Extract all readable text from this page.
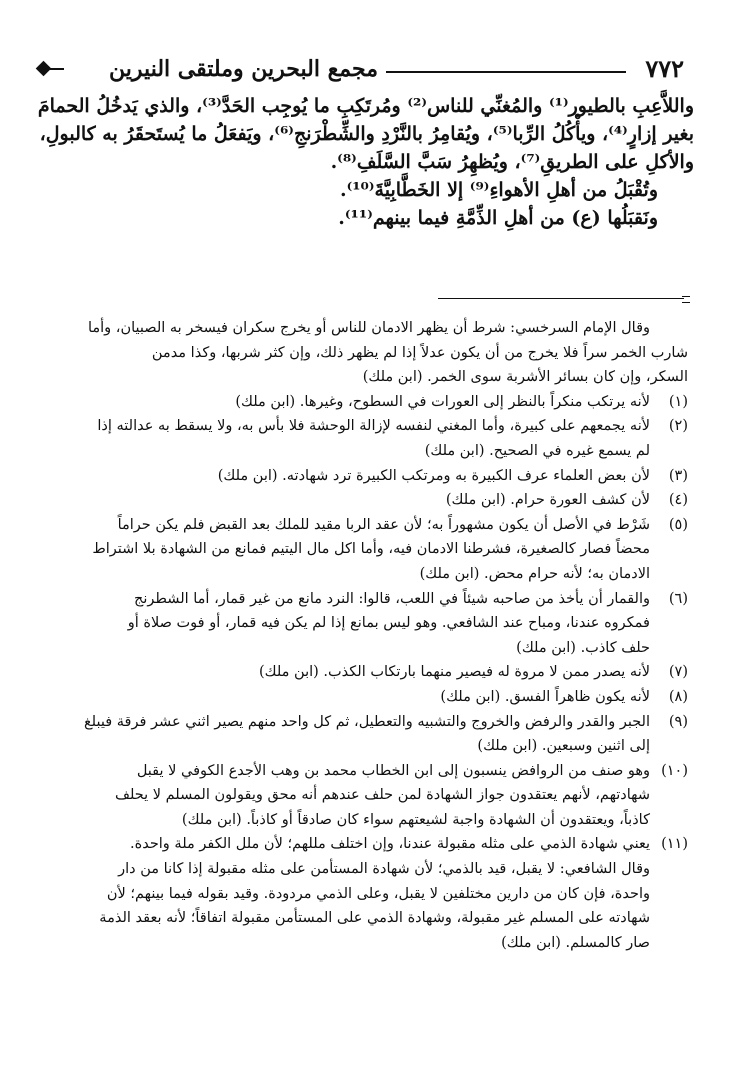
٧٧٢
مجمع البحرين وملتقى النيرين
واللاَّعِبِ بالطيور⁽¹⁾ والمُغنِّي للناس⁽²⁾ ومُرتَكِبِ ما يُوجِب الحَدَّ⁽³⁾، والذي يَدخُلُ الحمامَ
بغير إزارٍ⁽⁴⁾، ويأْكُلُ الرِّبا⁽⁵⁾، ويُقامِرُ بالنَّرْدِ والشِّطْرَنجِ⁽⁶⁾، ويَفعَلُ ما يُستَحقَرُ به كالبولِ،
والأكلِ على الطريقِ⁽⁷⁾، ويُظهِرُ سَبَّ السَّلَفِ⁽⁸⁾.
وتُقْبَلُ من أهلِ الأهواءِ⁽⁹⁾ إلا الخَطَّابِيَّةَ⁽¹⁰⁾.
ونَقبَلُها (ع) من أهلِ الذِّمَّةِ فيما بينهم⁽¹¹⁾.
وقال الإمام السرخسي: شرط أن يظهر الادمان للناس أو يخرج سكران فيسخر به الصبيان، وأما
شارب الخمر سراً فلا يخرج من أن يكون عدلاً إذا لم يظهر ذلك، وإن كثر شربها، وكذا مدمن
السكر، وإن كان بسائر الأشربة سوى الخمر. (ابن ملك)
(١)
لأنه يرتكب منكراً بالنظر إلى العورات في السطوح، وغيرها. (ابن ملك)
(٢)
لأنه يجمعهم على كبيرة، وأما المغني لنفسه لإزالة الوحشة فلا بأس به، ولا يسقط به عدالته إذا
لم يسمع غيره في الصحيح. (ابن ملك)
(٣)
لأن بعض العلماء عرف الكبيرة به ومرتكب الكبيرة ترد شهادته. (ابن ملك)
(٤)
لأن كشف العورة حرام. (ابن ملك)
(٥)
شَرْط في الأصل أن يكون مشهوراً به؛ لأن عقد الربا مقيد للملك بعد القبض فلم يكن حراماً
محضاً فصار كالصغيرة، فشرطنا الادمان فيه، وأما اكل مال اليتيم فمانع من الشهادة بلا اشتراط
الادمان به؛ لأنه حرام محض. (ابن ملك)
(٦)
والقمار أن يأخذ من صاحبه شيئاً في اللعب، قالوا: النرد مانع من غير قمار، أما الشطرنج
فمكروه عندنا، ومباح عند الشافعي. وهو ليس بمانع إذا لم يكن فيه قمار، أو فوت صلاة أو
حلف كاذب. (ابن ملك)
(٧)
لأنه يصدر ممن لا مروة له فيصير منهما بارتكاب الكذب. (ابن ملك)
(٨)
لأنه يكون ظاهراً الفسق. (ابن ملك)
(٩)
الجبر والقدر والرفض والخروج والتشبيه والتعطيل، ثم كل واحد منهم يصير اثني عشر فرقة فيبلغ
إلى اثنين وسبعين. (ابن ملك)
(١٠)
وهو صنف من الروافض ينسبون إلى ابن الخطاب محمد بن وهب الأجدع الكوفي لا يقبل
شهادتهم، لأنهم يعتقدون جواز الشهادة لمن حلف عندهم أنه محق ويقولون المسلم لا يحلف
كاذباً، ويعتقدون أن الشهادة واجبة لشيعتهم سواء كان صادقاً أو كاذباً. (ابن ملك)
(١١)
يعني شهادة الذمي على مثله مقبولة عندنا، وإن اختلف مللهم؛ لأن ملل الكفر ملة واحدة.
وقال الشافعي: لا يقبل، قيد بالذمي؛ لأن شهادة المستأمن على مثله مقبولة إذا كانا من دار
واحدة، فإن كان من دارين مختلفين لا يقبل، وعلى الذمي مردودة. وقيد بقوله فيما بينهم؛ لأن
شهادته على المسلم غير مقبولة، وشهادة الذمي على المستأمن مقبولة اتفاقاً؛ لأنه بعقد الذمة
صار كالمسلم. (ابن ملك)
